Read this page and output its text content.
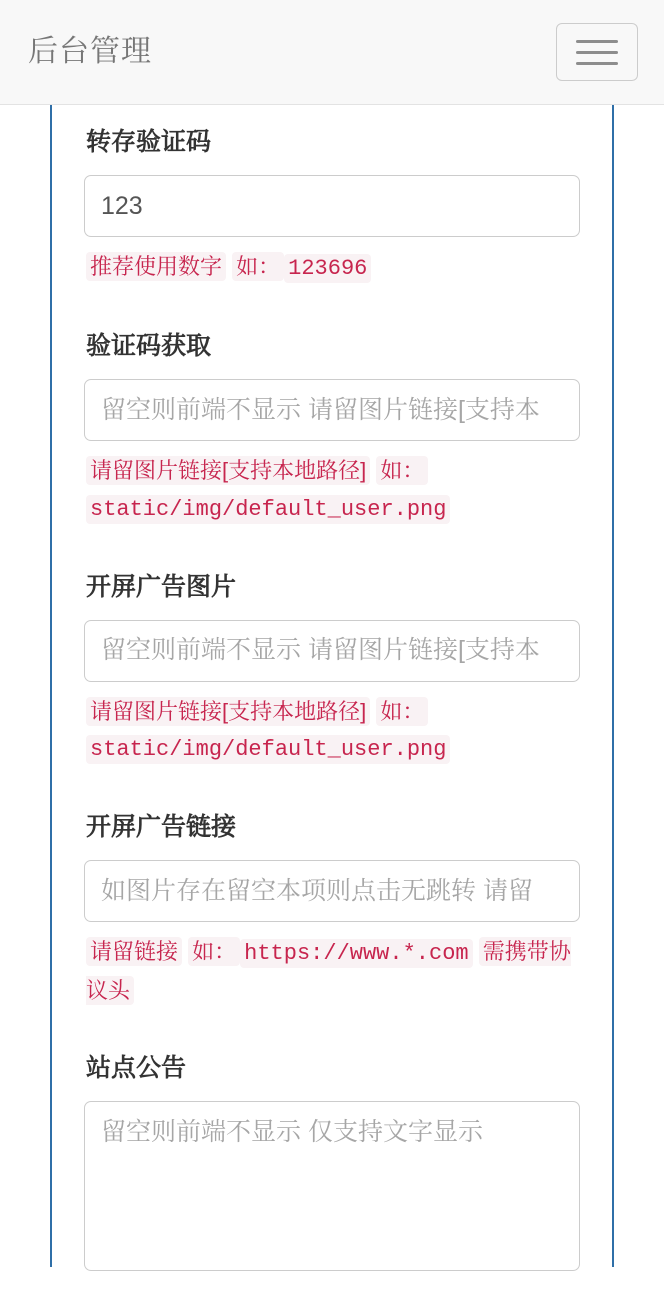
后台管理
转存验证码
123
推荐使用数字 如： 123696
验证码获取
留空则前端不显示 请留图片链接[支持本
请留图片链接[支持本地路径] 如：static/img/default_user.png
开屏广告图片
留空则前端不显示 请留图片链接[支持本
请留图片链接[支持本地路径] 如：static/img/default_user.png
开屏广告链接
如图片存在留空本项则点击无跳转 请留
请留链接 如： https://www.*.com 需携带协议头
站点公告
留空则前端不显示 仅支持文字显示
